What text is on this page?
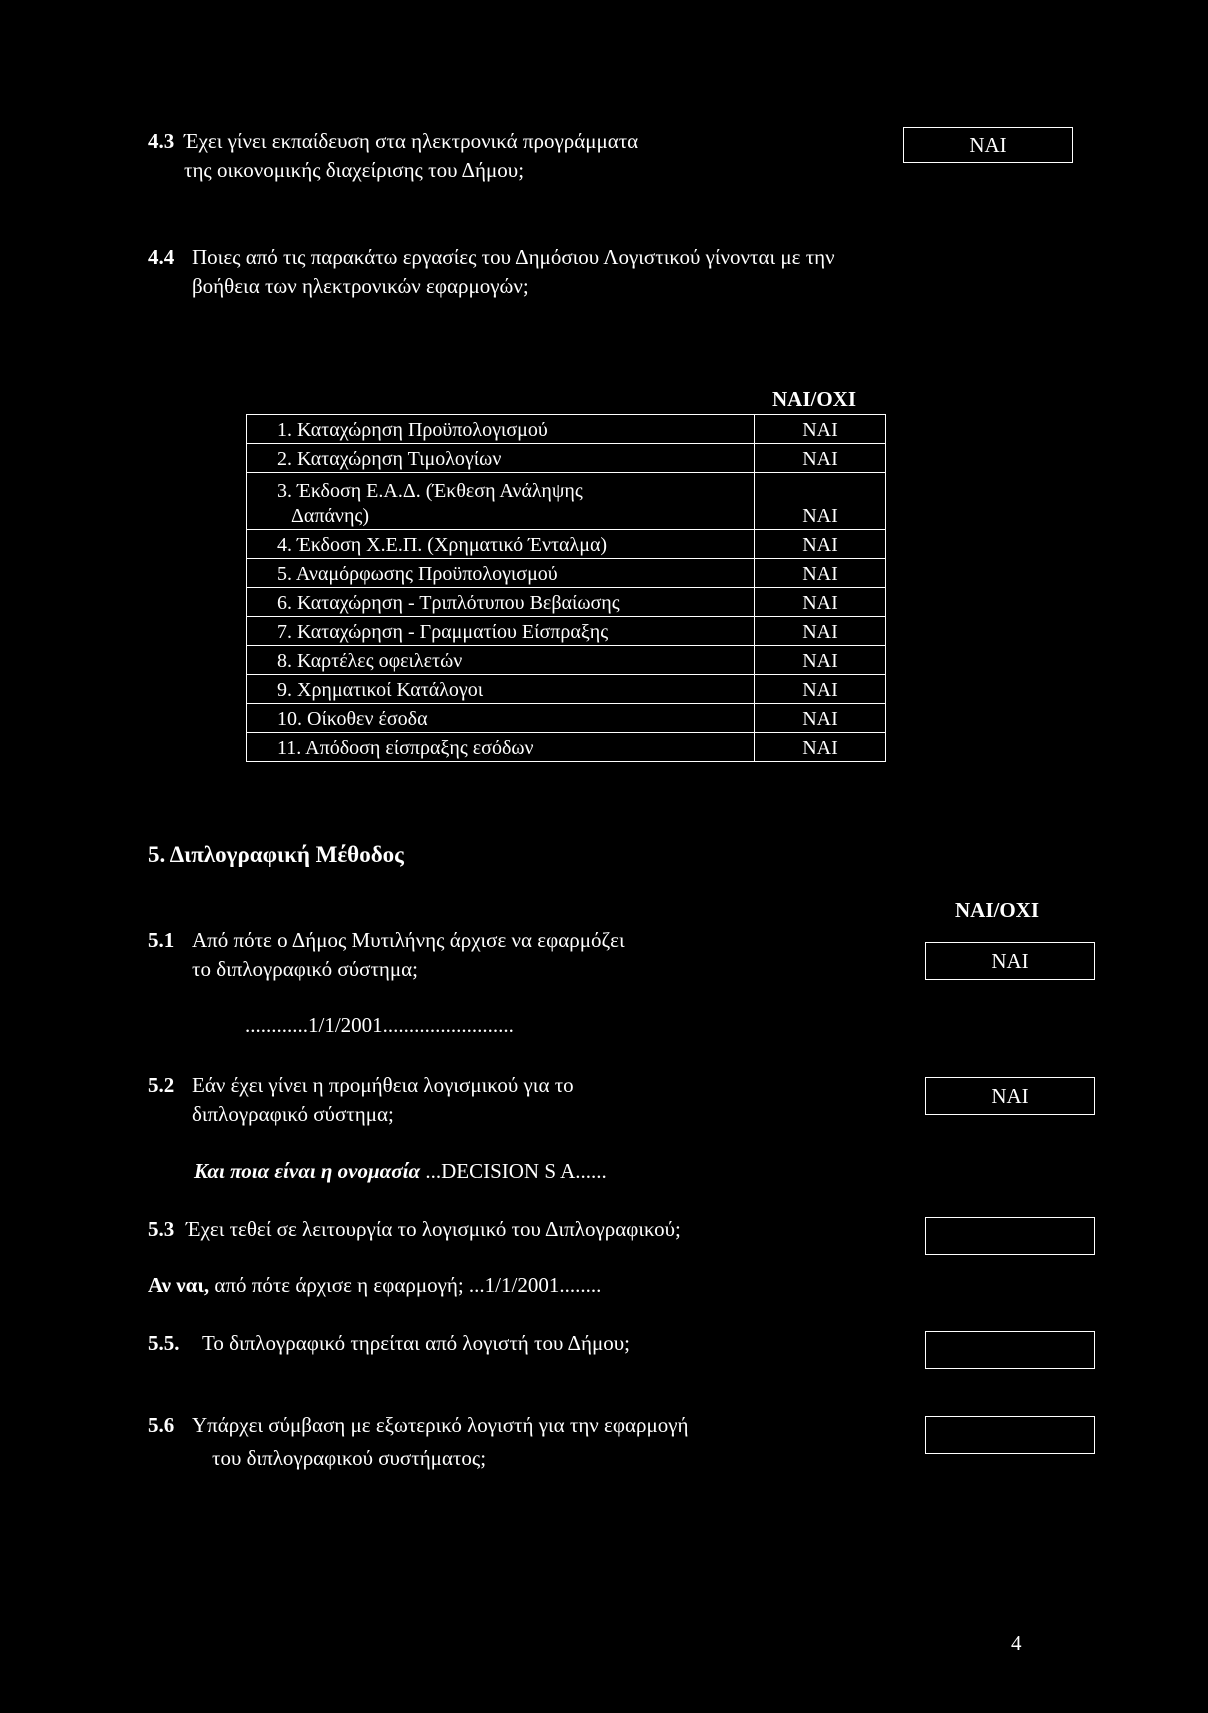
4.3 Έχει γίνει εκπαίδευση στα ηλεκτρονικά προγράμματα
της οικονομικής διαχείρισης του Δήμου;
ΝΑΙ
4.4 Ποιες από τις παρακάτω εργασίες του Δημόσιου Λογιστικού γίνονται με την
βοήθεια των ηλεκτρονικών εφαρμογών;
ΝΑΙ/ΟΧΙ
1. Καταχώρηση Προϋπολογισμού	ΝΑΙ
2. Καταχώρηση Τιμολογίων	ΝΑΙ

3. Έκδοση Ε.Α.Δ. (Έκθεση Ανάληψης
Δαπάνης)	ΝΑΙ
4. Έκδοση Χ.Ε.Π. (Χρηματικό Ένταλμα)	ΝΑΙ
5. Αναμόρφωσης Προϋπολογισμού	ΝΑΙ
6. Καταχώρηση - Τριπλότυπου Βεβαίωσης	ΝΑΙ
7. Καταχώρηση - Γραμματίου Είσπραξης	ΝΑΙ
8. Καρτέλες οφειλετών	ΝΑΙ
9. Χρηματικοί Κατάλογοι	ΝΑΙ
10. Οίκοθεν έσοδα	ΝΑΙ
11. Απόδοση είσπραξης εσόδων	ΝΑΙ
5. Διπλογραφική Μέθοδος
ΝΑΙ/ΟΧΙ
5.1 Από πότε ο Δήμος Μυτιλήνης άρχισε να εφαρμόζει
το διπλογραφικό σύστημα;	ΝΑΙ
............1/1/2001.........................
5.2 Εάν έχει γίνει η προμήθεια λογισμικού για το
διπλογραφικό σύστημα;
ΝΑΙ
Και ποια είναι η ονομασία ...DECISION S A......
5.3 Έχει τεθεί σε λειτουργία το λογισμικό του Διπλογραφικού;
Αν ναι, από πότε άρχισε η εφαρμογή; ...1/1/2001........
5.5. Το διπλογραφικό τηρείται από λογιστή του Δήμου;
5.6 Υπάρχει σύμβαση με εξωτερικό λογιστή για την εφαρμογή
του διπλογραφικού συστήματος;
4
